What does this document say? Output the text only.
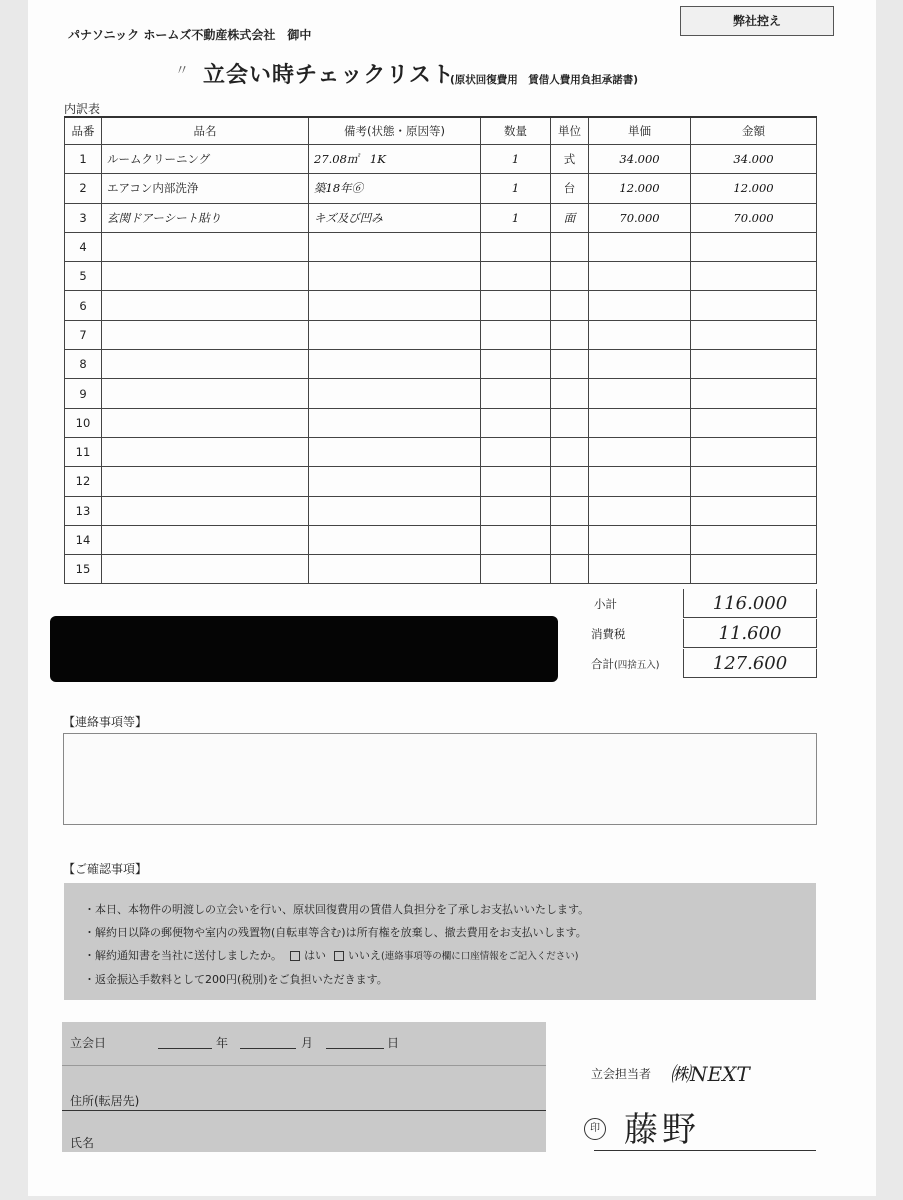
弊社控え
パナソニック ホームズ不動産株式会社　御中
〃 立会い時チェックリスト
(原状回復費用　賃借人費用負担承諾書)
内訳表
品番	品名	備考(状態・原因等)	数量	単位	単価	金額
1	ルームクリーニング	27.08㎡　1K	1	式	34.000	34.000
2	エアコン内部洗浄	築18年⑥	1	台	12.000	12.000
3	玄関ドアーシート貼り	キズ及び凹み	1	面	70.000	70.000
4						
5						
6						
7						
8						
9						
10						
11						
12						
13						
14						
15						
小計	116.000
消費税	11.600
合計(四捨五入)	127.600
【連絡事項等】
【ご確認事項】

・本日、本物件の明渡しの立会いを行い、原状回復費用の賃借人負担分を了承しお支払いいたします。

・解約日以降の郵便物や室内の残置物(自転車等含む)は所有権を放棄し、撤去費用をお支払いします。

・解約通知書を当社に送付しましたか。 はい いいえ(連絡事項等の欄に口座情報をご記入ください)

・返金振込手数料として200円(税別)をご負担いただきます。

立会日	年	月	日
住所(転居先)
氏名
印
立会担当者 ㈱NEXT
藤野
